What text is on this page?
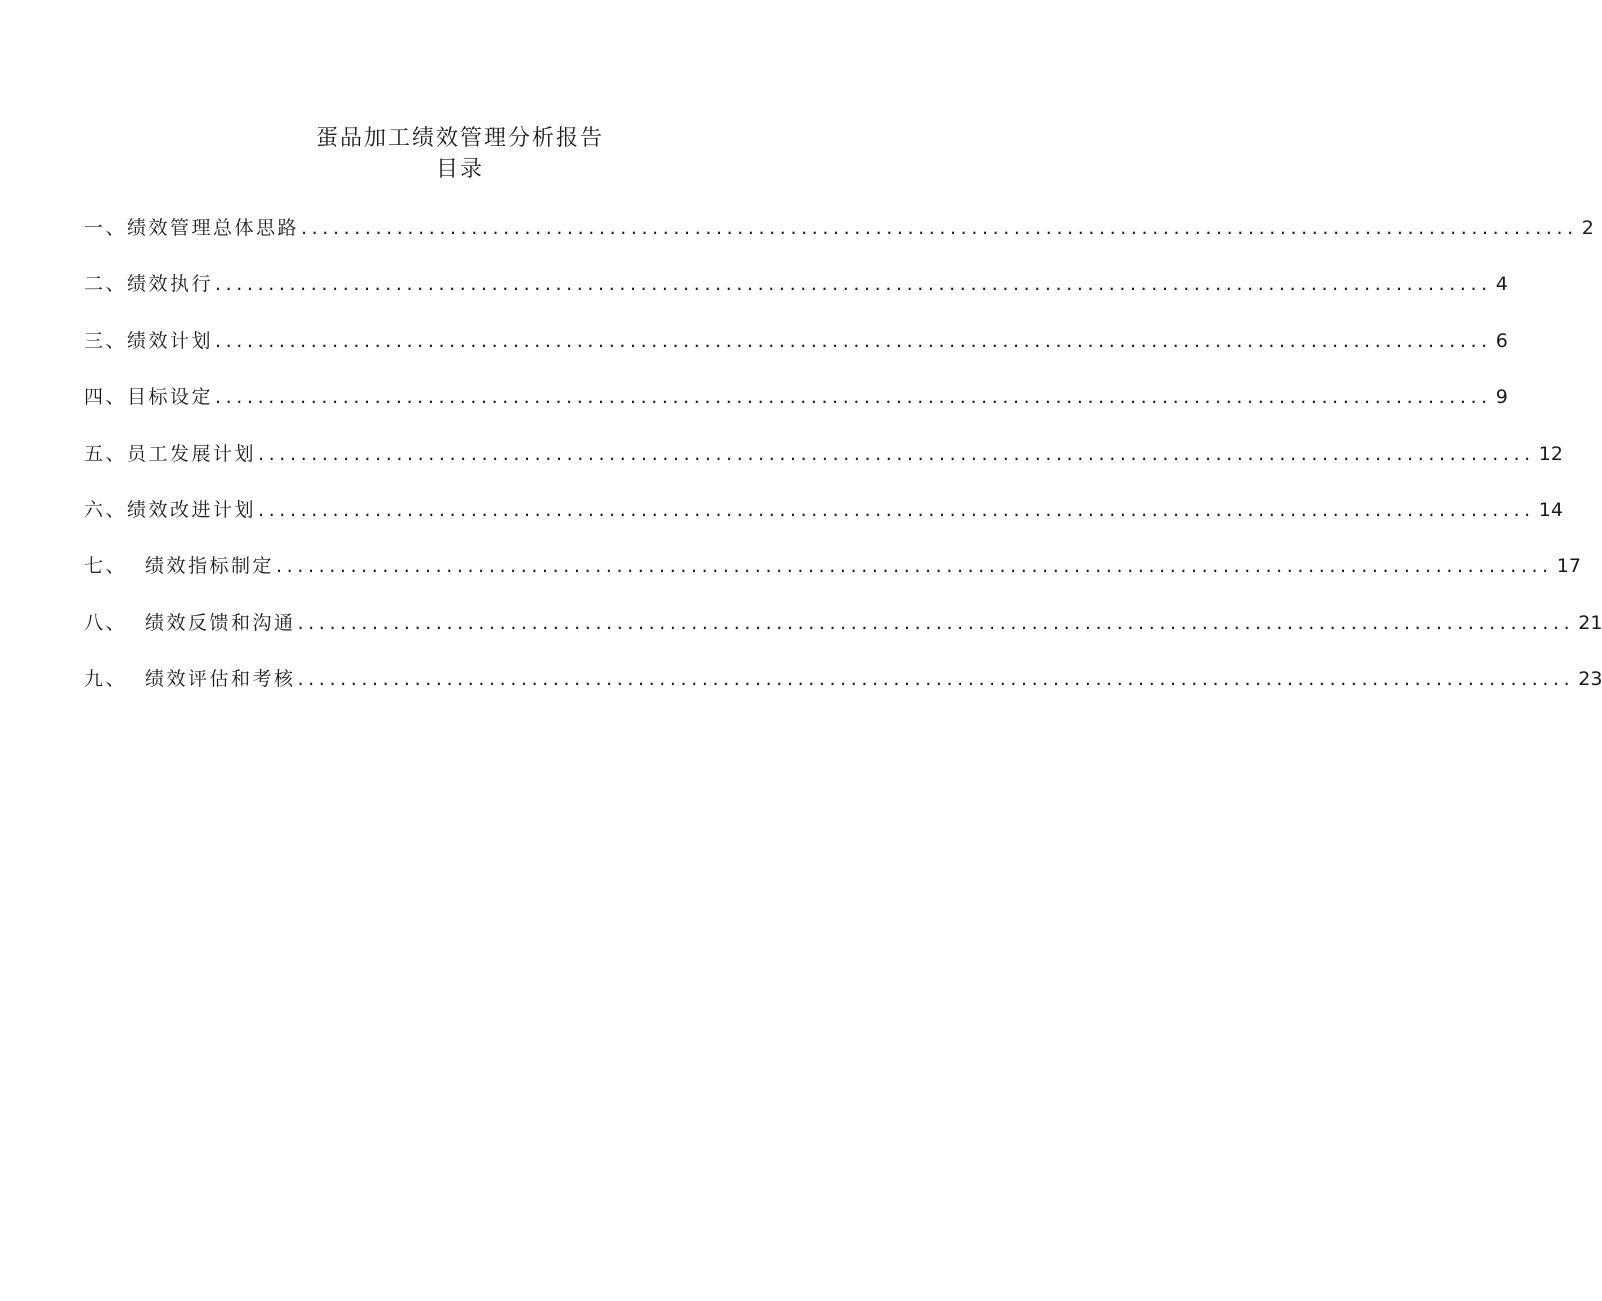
蛋品加工绩效管理分析报告
目录
一、绩效管理总体思路 ........................................................................................................................ 2
二、绩效执行 ........................................................................................................................ 4
三、绩效计划 ........................................................................................................................ 6
四、目标设定 ........................................................................................................................ 9
五、员工发展计划 ........................................................................................................................ 12
六、绩效改进计划 ........................................................................................................................ 14
七、 绩效指标制定 ........................................................................................................................ 17
八、 绩效反馈和沟通 ........................................................................................................................ 21
九、 绩效评估和考核 ........................................................................................................................ 23
